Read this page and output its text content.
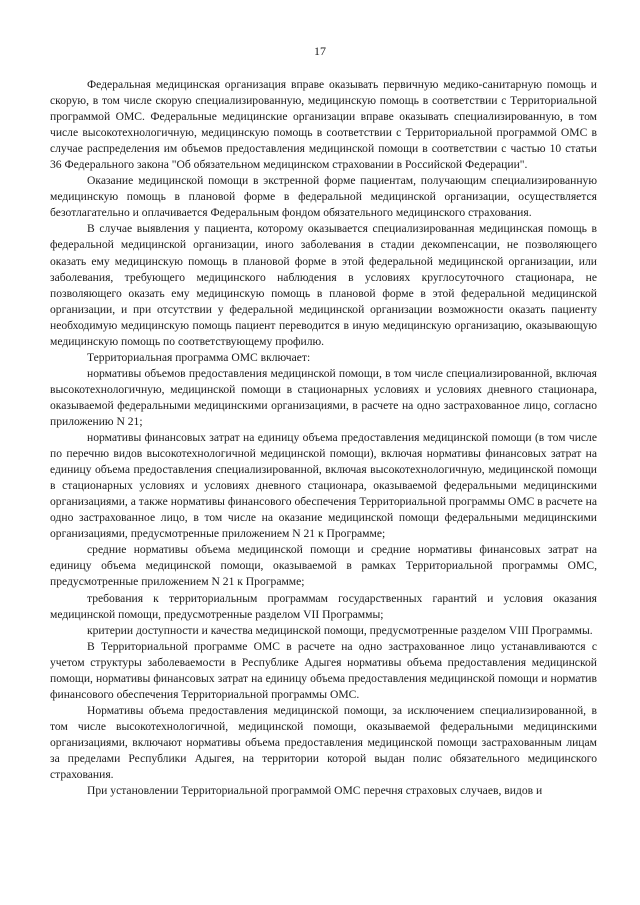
17

Федеральная медицинская организация вправе оказывать первичную медико-санитарную помощь и скорую, в том числе скорую специализированную, медицинскую помощь в соответствии с Территориальной программой ОМС. Федеральные медицинские организации вправе оказывать специализированную, в том числе высокотехнологичную, медицинскую помощь в соответствии с Территориальной программой ОМС в случае распределения им объемов предоставления медицинской помощи в соответствии с частью 10 статьи 36 Федерального закона "Об обязательном медицинском страховании в Российской Федерации".

Оказание медицинской помощи в экстренной форме пациентам, получающим специализированную медицинскую помощь в плановой форме в федеральной медицинской организации, осуществляется безотлагательно и оплачивается Федеральным фондом обязательного медицинского страхования.

В случае выявления у пациента, которому оказывается специализированная медицинская помощь в федеральной медицинской организации, иного заболевания в стадии декомпенсации, не позволяющего оказать ему медицинскую помощь в плановой форме в этой федеральной медицинской организации, или заболевания, требующего медицинского наблюдения в условиях круглосуточного стационара, не позволяющего оказать ему медицинскую помощь в плановой форме в этой федеральной медицинской организации, и при отсутствии у федеральной медицинской организации возможности оказать пациенту необходимую медицинскую помощь пациент переводится в иную медицинскую организацию, оказывающую медицинскую помощь по соответствующему профилю.

Территориальная программа ОМС включает:

нормативы объемов предоставления медицинской помощи, в том числе специализированной, включая высокотехнологичную, медицинской помощи в стационарных условиях и условиях дневного стационара, оказываемой федеральными медицинскими организациями, в расчете на одно застрахованное лицо, согласно приложению N 21;

нормативы финансовых затрат на единицу объема предоставления медицинской помощи (в том числе по перечню видов высокотехнологичной медицинской помощи), включая нормативы финансовых затрат на единицу объема предоставления специализированной, включая высокотехнологичную, медицинской помощи в стационарных условиях и условиях дневного стационара, оказываемой федеральными медицинскими организациями, а также нормативы финансового обеспечения Территориальной программы ОМС в расчете на одно застрахованное лицо, в том числе на оказание медицинской помощи федеральными медицинскими организациями, предусмотренные приложением N 21 к Программе;

средние нормативы объема медицинской помощи и средние нормативы финансовых затрат на единицу объема медицинской помощи, оказываемой в рамках Территориальной программы ОМС, предусмотренные приложением N 21 к Программе;

требования к территориальным программам государственных гарантий и условия оказания медицинской помощи, предусмотренные разделом VII Программы;

критерии доступности и качества медицинской помощи, предусмотренные разделом VIII Программы.

В Территориальной программе ОМС в расчете на одно застрахованное лицо устанавливаются с учетом структуры заболеваемости в Республике Адыгея нормативы объема предоставления медицинской помощи, нормативы финансовых затрат на единицу объема предоставления медицинской помощи и норматив финансового обеспечения Территориальной программы ОМС.

Нормативы объема предоставления медицинской помощи, за исключением специализированной, в том числе высокотехнологичной, медицинской помощи, оказываемой федеральными медицинскими организациями, включают нормативы объема предоставления медицинской помощи застрахованным лицам за пределами Республики Адыгея, на территории которой выдан полис обязательного медицинского страхования.

При установлении Территориальной программой ОМС перечня страховых случаев, видов и
